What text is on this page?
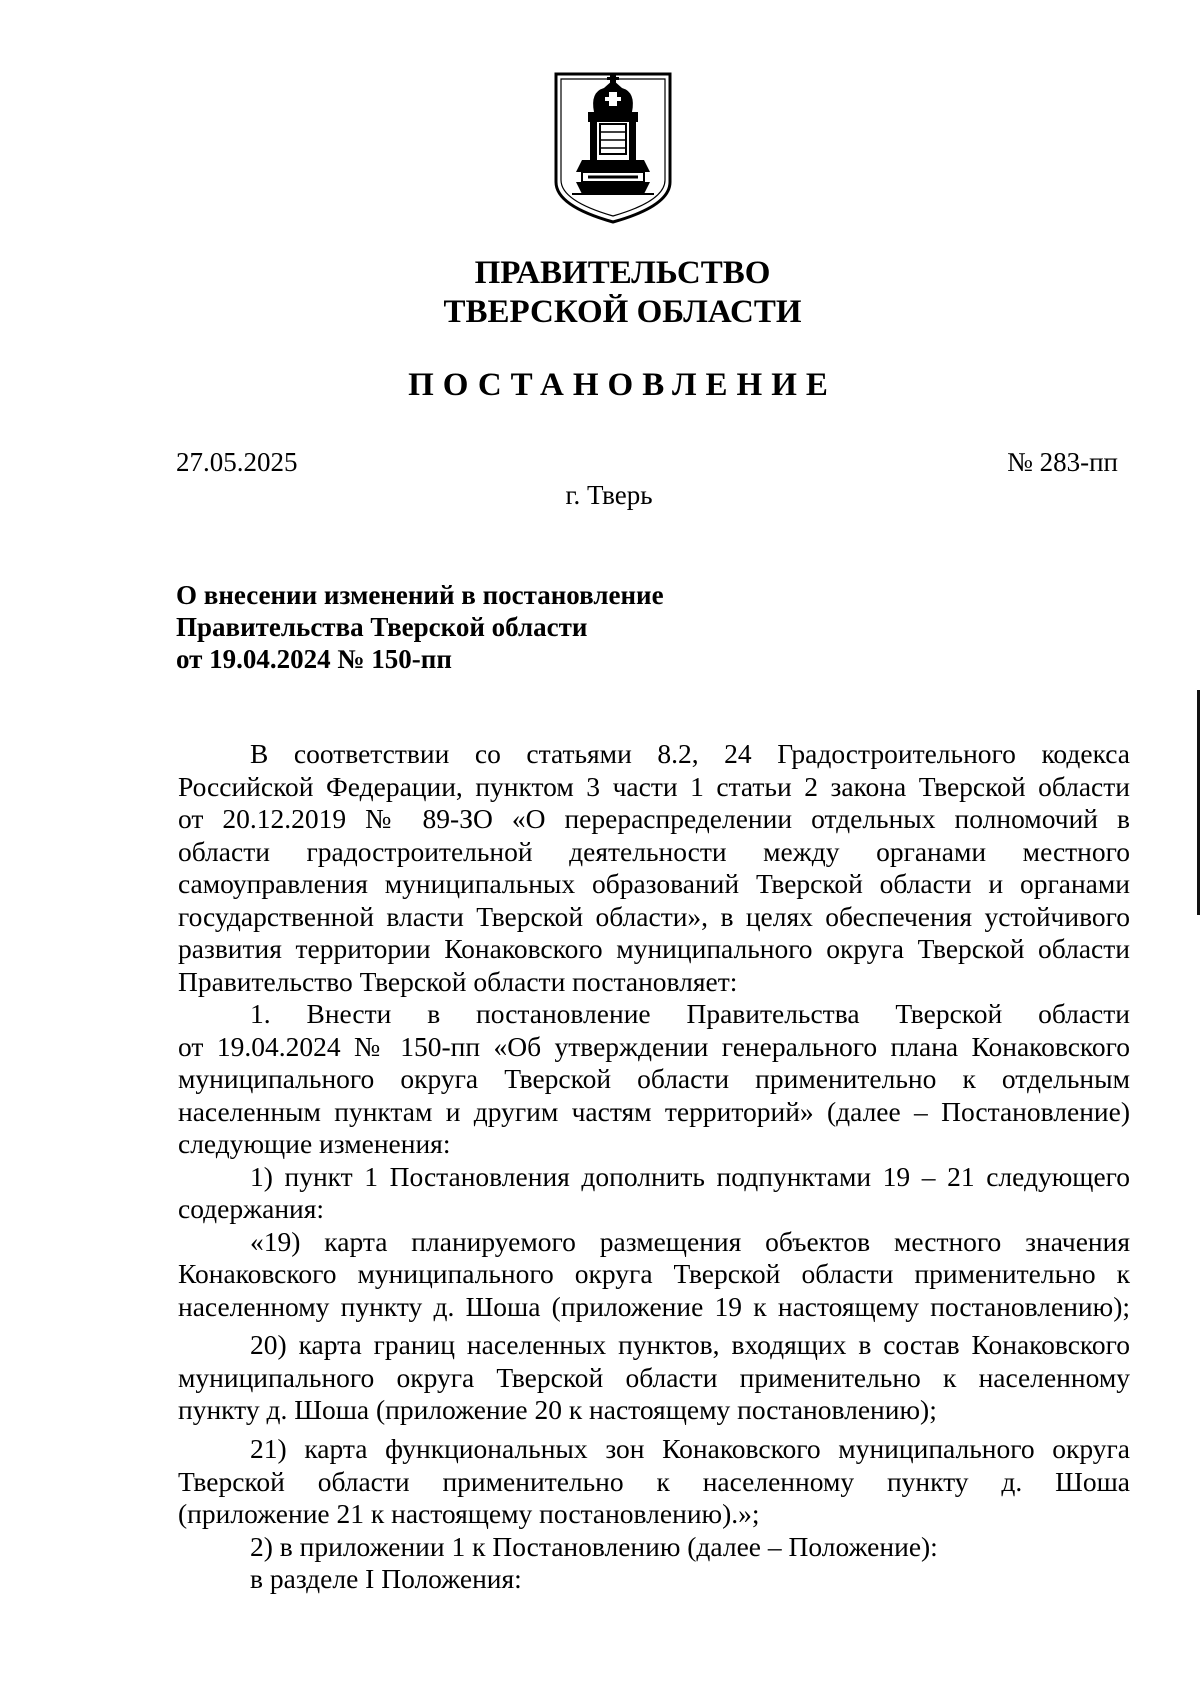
ПРАВИТЕЛЬСТВО
ТВЕРСКОЙ ОБЛАСТИ
ПОСТАНОВЛЕНИЕ
27.05.2025	№ 283-пп
г. Тверь
О внесении изменений в постановление
Правительства Тверской области
от 19.04.2024 № 150-пп
В соответствии со статьями 8.2, 24 Градостроительного кодекса
Российской Федерации, пунктом 3 части 1 статьи 2 закона Тверской области
от 20.12.2019 № 89-ЗО «О перераспределении отдельных полномочий в
области градостроительной деятельности между органами местного
самоуправления муниципальных образований Тверской области и органами
государственной власти Тверской области», в целях обеспечения устойчивого
развития территории Конаковского муниципального округа Тверской области
Правительство Тверской области постановляет:
1. Внести в постановление Правительства Тверской области
от 19.04.2024 № 150-пп «Об утверждении генерального плана Конаковского
муниципального округа Тверской области применительно к отдельным
населенным пунктам и другим частям территорий» (далее – Постановление)
следующие изменения:
1) пункт 1 Постановления дополнить подпунктами 19 – 21 следующего
содержания:
«19) карта планируемого размещения объектов местного значения
Конаковского муниципального округа Тверской области применительно к
населенному пункту д. Шоша (приложение 19 к настоящему постановлению);
20) карта границ населенных пунктов, входящих в состав Конаковского
муниципального округа Тверской области применительно к населенному
пункту д. Шоша (приложение 20 к настоящему постановлению);
21) карта функциональных зон Конаковского муниципального округа
Тверской области применительно к населенному пункту д. Шоша
(приложение 21 к настоящему постановлению).»;
2) в приложении 1 к Постановлению (далее – Положение):
в разделе I Положения:
